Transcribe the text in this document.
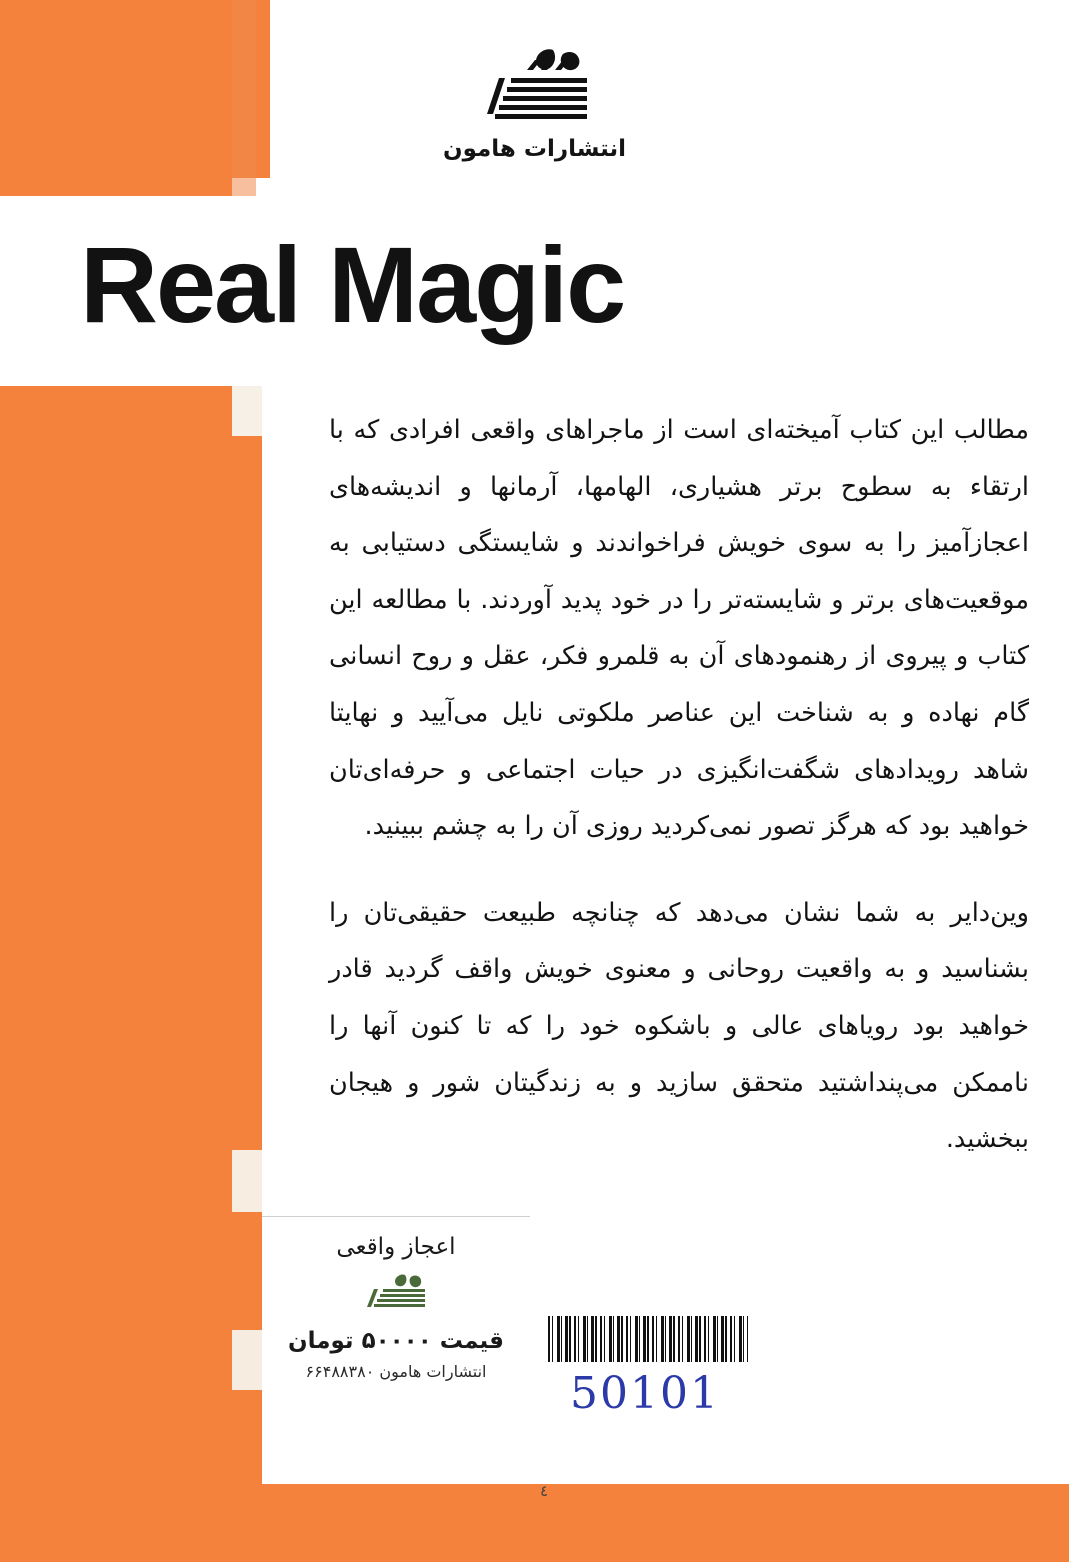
انتشارات هامون
Real Magic

مطالب این کتاب آمیخته‌ای است از ماجراهای واقعی افرادی که با ارتقاء به سطوح برتر هشیاری، الهامها، آرمانها و اندیشه‌های اعجازآمیز را به سوی خویش فراخواندند و شایستگی دستیابی به موقعیت‌های برتر و شایسته‌تر را در خود پدید آوردند. با مطالعه این کتاب و پیروی از رهنمودهای آن به قلمرو فکر، عقل و روح انسانی گام نهاده و به شناخت این عناصر ملکوتی نایل می‌آیید و نهایتا شاهد رویدادهای شگفت‌انگیزی در حیات اجتماعی و حرفه‌ای‌تان خواهید بود که هرگز تصور نمی‌کردید روزی آن را به چشم ببینید.

وین‌دایر به شما نشان می‌دهد که چنانچه طبیعت حقیقی‌تان را بشناسید و به واقعیت روحانی و معنوی خویش واقف گردید قادر خواهید بود رویاهای عالی و باشکوه خود را که تا کنون آنها را ناممکن می‌پنداشتید متحقق سازید و به زندگیتان شور و هیجان ببخشید.

اعجاز واقعی
قیمت ۵۰۰۰۰ تومان
انتشارات هامون ۶۶۴۸۸۳۸۰	50101
٤
